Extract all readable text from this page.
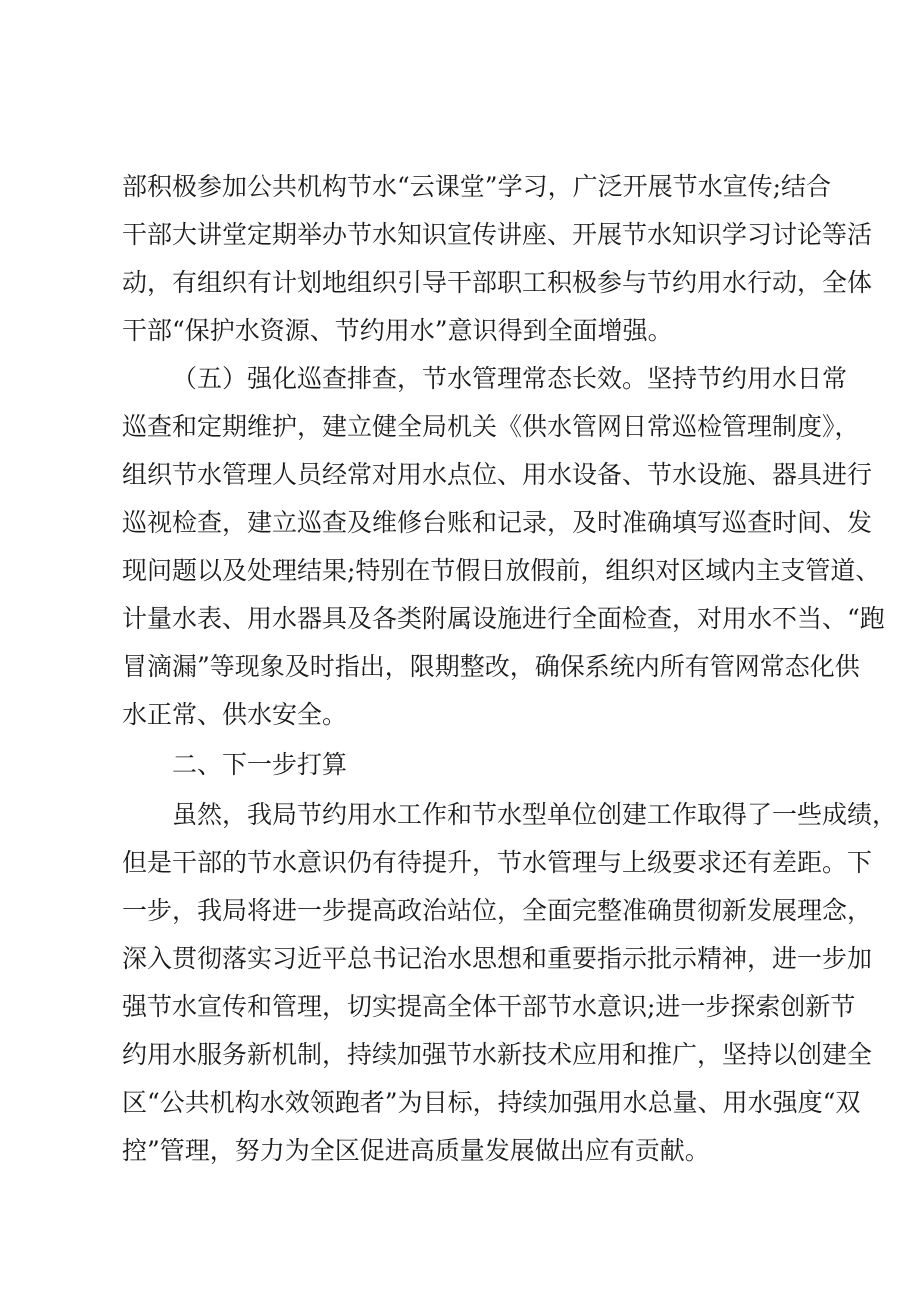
部积极参加公共机构节水“云课堂”学习，广泛开展节水宣传;结合
干部大讲堂定期举办节水知识宣传讲座、开展节水知识学习讨论等活
动，有组织有计划地组织引导干部职工积极参与节约用水行动，全体
干部“保护水资源、节约用水”意识得到全面增强。
（五）强化巡查排查，节水管理常态长效。坚持节约用水日常
巡查和定期维护，建立健全局机关《供水管网日常巡检管理制度》，
组织节水管理人员经常对用水点位、用水设备、节水设施、器具进行
巡视检查，建立巡查及维修台账和记录，及时准确填写巡查时间、发
现问题以及处理结果;特别在节假日放假前，组织对区域内主支管道、
计量水表、用水器具及各类附属设施进行全面检查，对用水不当、“跑
冒滴漏”等现象及时指出，限期整改，确保系统内所有管网常态化供
水正常、供水安全。
二、下一步打算
虽然，我局节约用水工作和节水型单位创建工作取得了一些成绩，
但是干部的节水意识仍有待提升，节水管理与上级要求还有差距。下
一步，我局将进一步提高政治站位，全面完整准确贯彻新发展理念，
深入贯彻落实习近平总书记治水思想和重要指示批示精神，进一步加
强节水宣传和管理，切实提高全体干部节水意识;进一步探索创新节
约用水服务新机制，持续加强节水新技术应用和推广，坚持以创建全
区“公共机构水效领跑者”为目标，持续加强用水总量、用水强度“双
控”管理，努力为全区促进高质量发展做出应有贡献。
